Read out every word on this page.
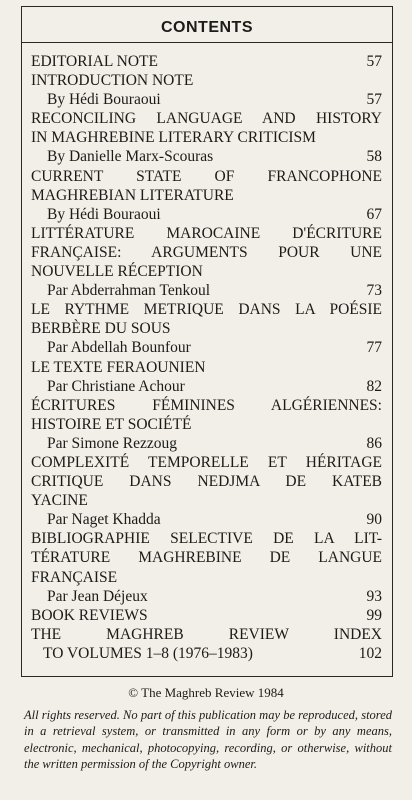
CONTENTS
EDITORIAL NOTE	57
INTRODUCTION NOTE
By Hédi Bouraoui	57
RECONCILING LANGUAGE AND HISTORY
IN MAGHREBINE LITERARY CRITICISM
By Danielle Marx-Scouras	58
CURRENT STATE OF FRANCOPHONE
MAGHREBIAN LITERATURE
By Hédi Bouraoui	67
LITTÉRATURE MAROCAINE D'ÉCRITURE
FRANÇAISE: ARGUMENTS POUR UNE
NOUVELLE RÉCEPTION
Par Abderrahman Tenkoul	73
LE RYTHME METRIQUE DANS LA POÉSIE
BERBÈRE DU SOUS
Par Abdellah Bounfour	77
LE TEXTE FERAOUNIEN
Par Christiane Achour	82
ÉCRITURES FÉMININES ALGÉRIENNES:
HISTOIRE ET SOCIÉTÉ
Par Simone Rezzoug	86
COMPLEXITÉ TEMPORELLE ET HÉRITAGE
CRITIQUE DANS NEDJMA DE KATEB
YACINE
Par Naget Khadda	90
BIBLIOGRAPHIE SELECTIVE DE LA LIT-
TÉRATURE MAGHREBINE DE LANGUE
FRANÇAISE
Par Jean Déjeux	93
BOOK REVIEWS	99
THE MAGHREB REVIEW INDEX
TO VOLUMES 1–8 (1976–1983)	102
© The Maghreb Review 1984
All rights reserved. No part of this publication may be reproduced, stored in a retrieval system, or transmitted in any form or by any means, electronic, mechanical, photocopying, recording, or otherwise, without the written permission of the Copyright owner.
